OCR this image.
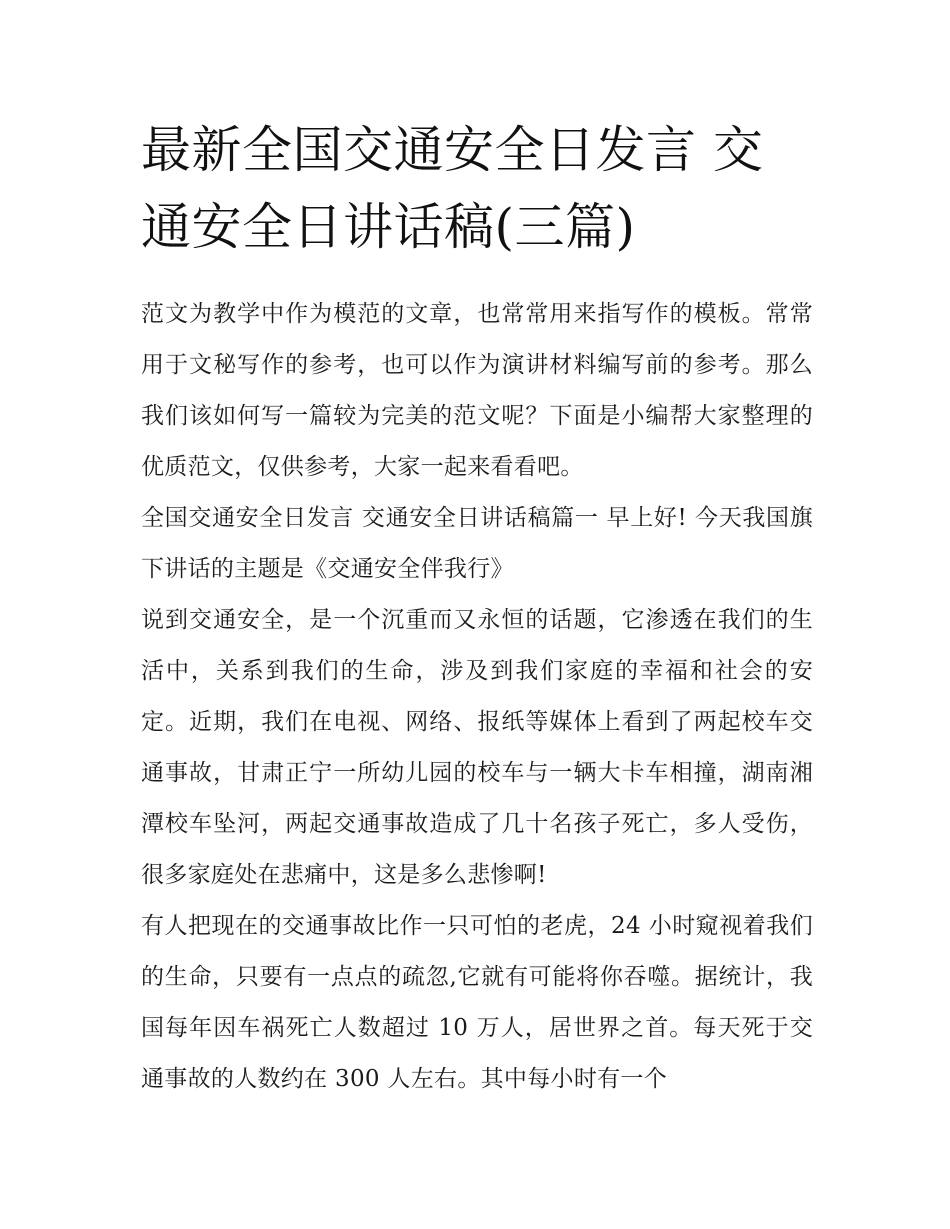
最新全国交通安全日发言 交通安全日讲话稿(三篇)

范文为教学中作为模范的文章，也常常用来指写作的模板。常常用于文秘写作的参考，也可以作为演讲材料编写前的参考。那么我们该如何写一篇较为完美的范文呢？下面是小编帮大家整理的优质范文，仅供参考，大家一起来看看吧。

全国交通安全日发言 交通安全日讲话稿篇一 早上好! 今天我国旗下讲话的主题是《交通安全伴我行》

说到交通安全，是一个沉重而又永恒的话题，它渗透在我们的生活中，关系到我们的生命，涉及到我们家庭的幸福和社会的安定。近期，我们在电视、网络、报纸等媒体上看到了两起校车交通事故，甘肃正宁一所幼儿园的校车与一辆大卡车相撞，湖南湘潭校车坠河，两起交通事故造成了几十名孩子死亡，多人受伤，很多家庭处在悲痛中，这是多么悲惨啊!

有人把现在的交通事故比作一只可怕的老虎，24 小时窥视着我们的生命，只要有一点点的疏忽,它就有可能将你吞噬。据统计，我国每年因车祸死亡人数超过 10 万人，居世界之首。每天死于交通事故的人数约在 300 人左右。其中每小时有一个
